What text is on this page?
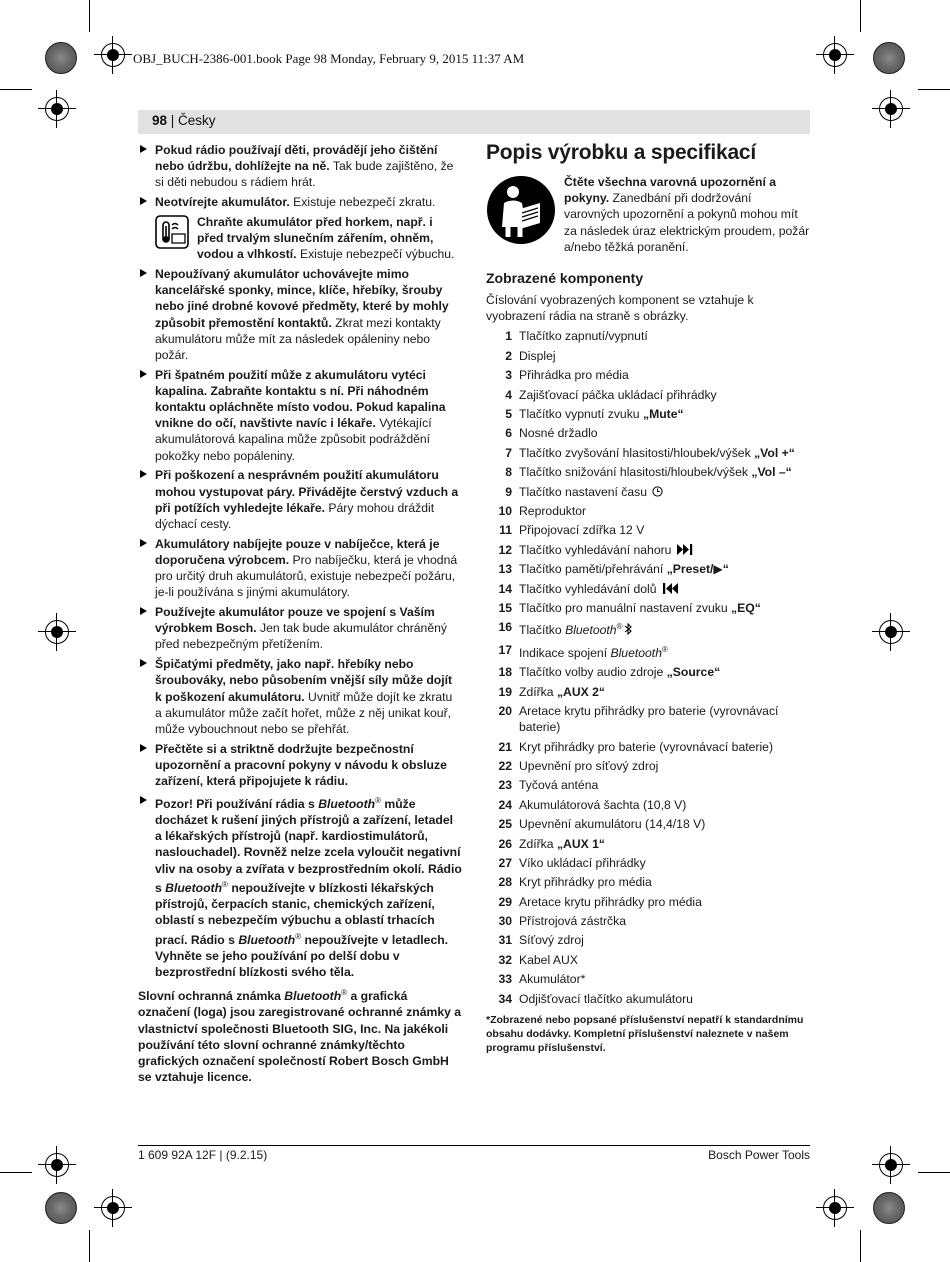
OBJ_BUCH-2386-001.book Page 98 Monday, February 9, 2015 11:37 AM
98 | Česky
Pokud rádio používají děti, provádějí jeho čištění nebo údržbu, dohlížejte na ně. Tak bude zajištěno, že si děti nebudou s rádiem hrát.
Neotvírejte akumulátor. Existuje nebezpečí zkratu.
Chraňte akumulátor před horkem, např. i před trvalým slunečním zářením, ohněm, vodou a vlhkostí. Existuje nebezpečí výbuchu.
Nepoužívaný akumulátor uchovávejte mimo kancelářské sponky, mince, klíče, hřebíky, šrouby nebo jiné drobné kovové předměty, které by mohly způsobit přemostění kontaktů. Zkrat mezi kontakty akumulátoru může mít za následek opáleniny nebo požár.
Při špatném použití může z akumulátoru vytéci kapalina. Zabraňte kontaktu s ní. Při náhodném kontaktu opláchněte místo vodou. Pokud kapalina vnikne do očí, navštivte navíc i lékaře. Vytékající akumulátorová kapalina může způsobit podráždění pokožky nebo popáleniny.
Při poškození a nesprávném použití akumulátoru mohou vystupovat páry. Přivádějte čerstvý vzduch a při potížích vyhledejte lékaře. Páry mohou dráždit dýchací cesty.
Akumulátory nabíjejte pouze v nabíječce, která je doporučena výrobcem. Pro nabíječku, která je vhodná pro určitý druh akumulátorů, existuje nebezpečí požáru, je-li používána s jinými akumulátory.
Používejte akumulátor pouze ve spojení s Vaším výrobkem Bosch. Jen tak bude akumulátor chráněný před nebezpečným přetížením.
Špičatými předměty, jako např. hřebíky nebo šroubováky, nebo působením vnější síly může dojít k poškození akumulátoru. Uvnitř může dojít ke zkratu a akumulátor může začít hořet, může z něj unikat kouř, může vybouchnout nebo se přehřát.
Přečtěte si a striktně dodržujte bezpečnostní upozornění a pracovní pokyny v návodu k obsluze zařízení, která připojujete k rádiu.
Pozor! Při používání rádia s Bluetooth® může docházet k rušení jiných přístrojů a zařízení, letadel a lékařských přístrojů (např. kardiostimulátorů, naslouchadel). Rovněž nelze zcela vyloučit negativní vliv na osoby a zvířata v bezprostředním okolí. Rádio s Bluetooth® nepoužívejte v blízkosti lékařských přístrojů, čerpacích stanic, chemických zařízení, oblastí s nebezpečím výbuchu a oblastí trhacích prací. Rádio s Bluetooth® nepoužívejte v letadlech. Vyhněte se jeho používání po delší dobu v bezprostřední blízkosti svého těla.
Slovní ochranná známka Bluetooth® a grafická označení (loga) jsou zaregistrované ochranné známky a vlastnictví společnosti Bluetooth SIG, Inc. Na jakékoli používání této slovní ochranné známky/těchto grafických označení společností Robert Bosch GmbH se vztahuje licence.
Popis výrobku a specifikací
Čtěte všechna varovná upozornění a pokyny. Zanedbání při dodržování varovných upozornění a pokynů mohou mít za následek úraz elektrickým proudem, požár a/nebo těžká poranění.
Zobrazené komponenty
Číslování vyobrazených komponent se vztahuje k vyobrazení rádia na straně s obrázky.
1 Tlačítko zapnutí/vypnutí
2 Displej
3 Přihrádka pro média
4 Zajišťovací páčka ukládací přihrádky
5 Tlačítko vypnutí zvuku „Mute“
6 Nosné držadlo
7 Tlačítko zvyšování hlasitosti/hloubek/výšek „Vol +“
8 Tlačítko snižování hlasitosti/hloubek/výšek „Vol –“
9 Tlačítko nastavení času
10 Reproduktor
11 Připojovací zdířka 12 V
12 Tlačítko vyhledávání nahoru
13 Tlačítko paměti/přehrávání „Preset/▶“
14 Tlačítko vyhledávání dolů
15 Tlačítko pro manuální nastavení zvuku „EQ“
16 Tlačítko Bluetooth®
17 Indikace spojení Bluetooth®
18 Tlačítko volby audio zdroje „Source“
19 Zdířka „AUX 2“
20 Aretace krytu přihrádky pro baterie (vyrovnávací baterie)
21 Kryt přihrádky pro baterie (vyrovnávací baterie)
22 Upevnění pro síťový zdroj
23 Tyčová anténa
24 Akumulátorová šachta (10,8 V)
25 Upevnění akumulátoru (14,4/18 V)
26 Zdířka „AUX 1“
27 Víko ukládací přihrádky
28 Kryt přihrádky pro média
29 Aretace krytu přihrádky pro média
30 Přístrojová zástrčka
31 Síťový zdroj
32 Kabel AUX
33 Akumulátor*
34 Odjišťovací tlačítko akumulátoru
*Zobrazené nebo popsané příslušenství nepatří k standardnímu obsahu dodávky. Kompletní příslušenství naleznete v našem programu příslušenství.
1 609 92A 12F | (9.2.15)	Bosch Power Tools
